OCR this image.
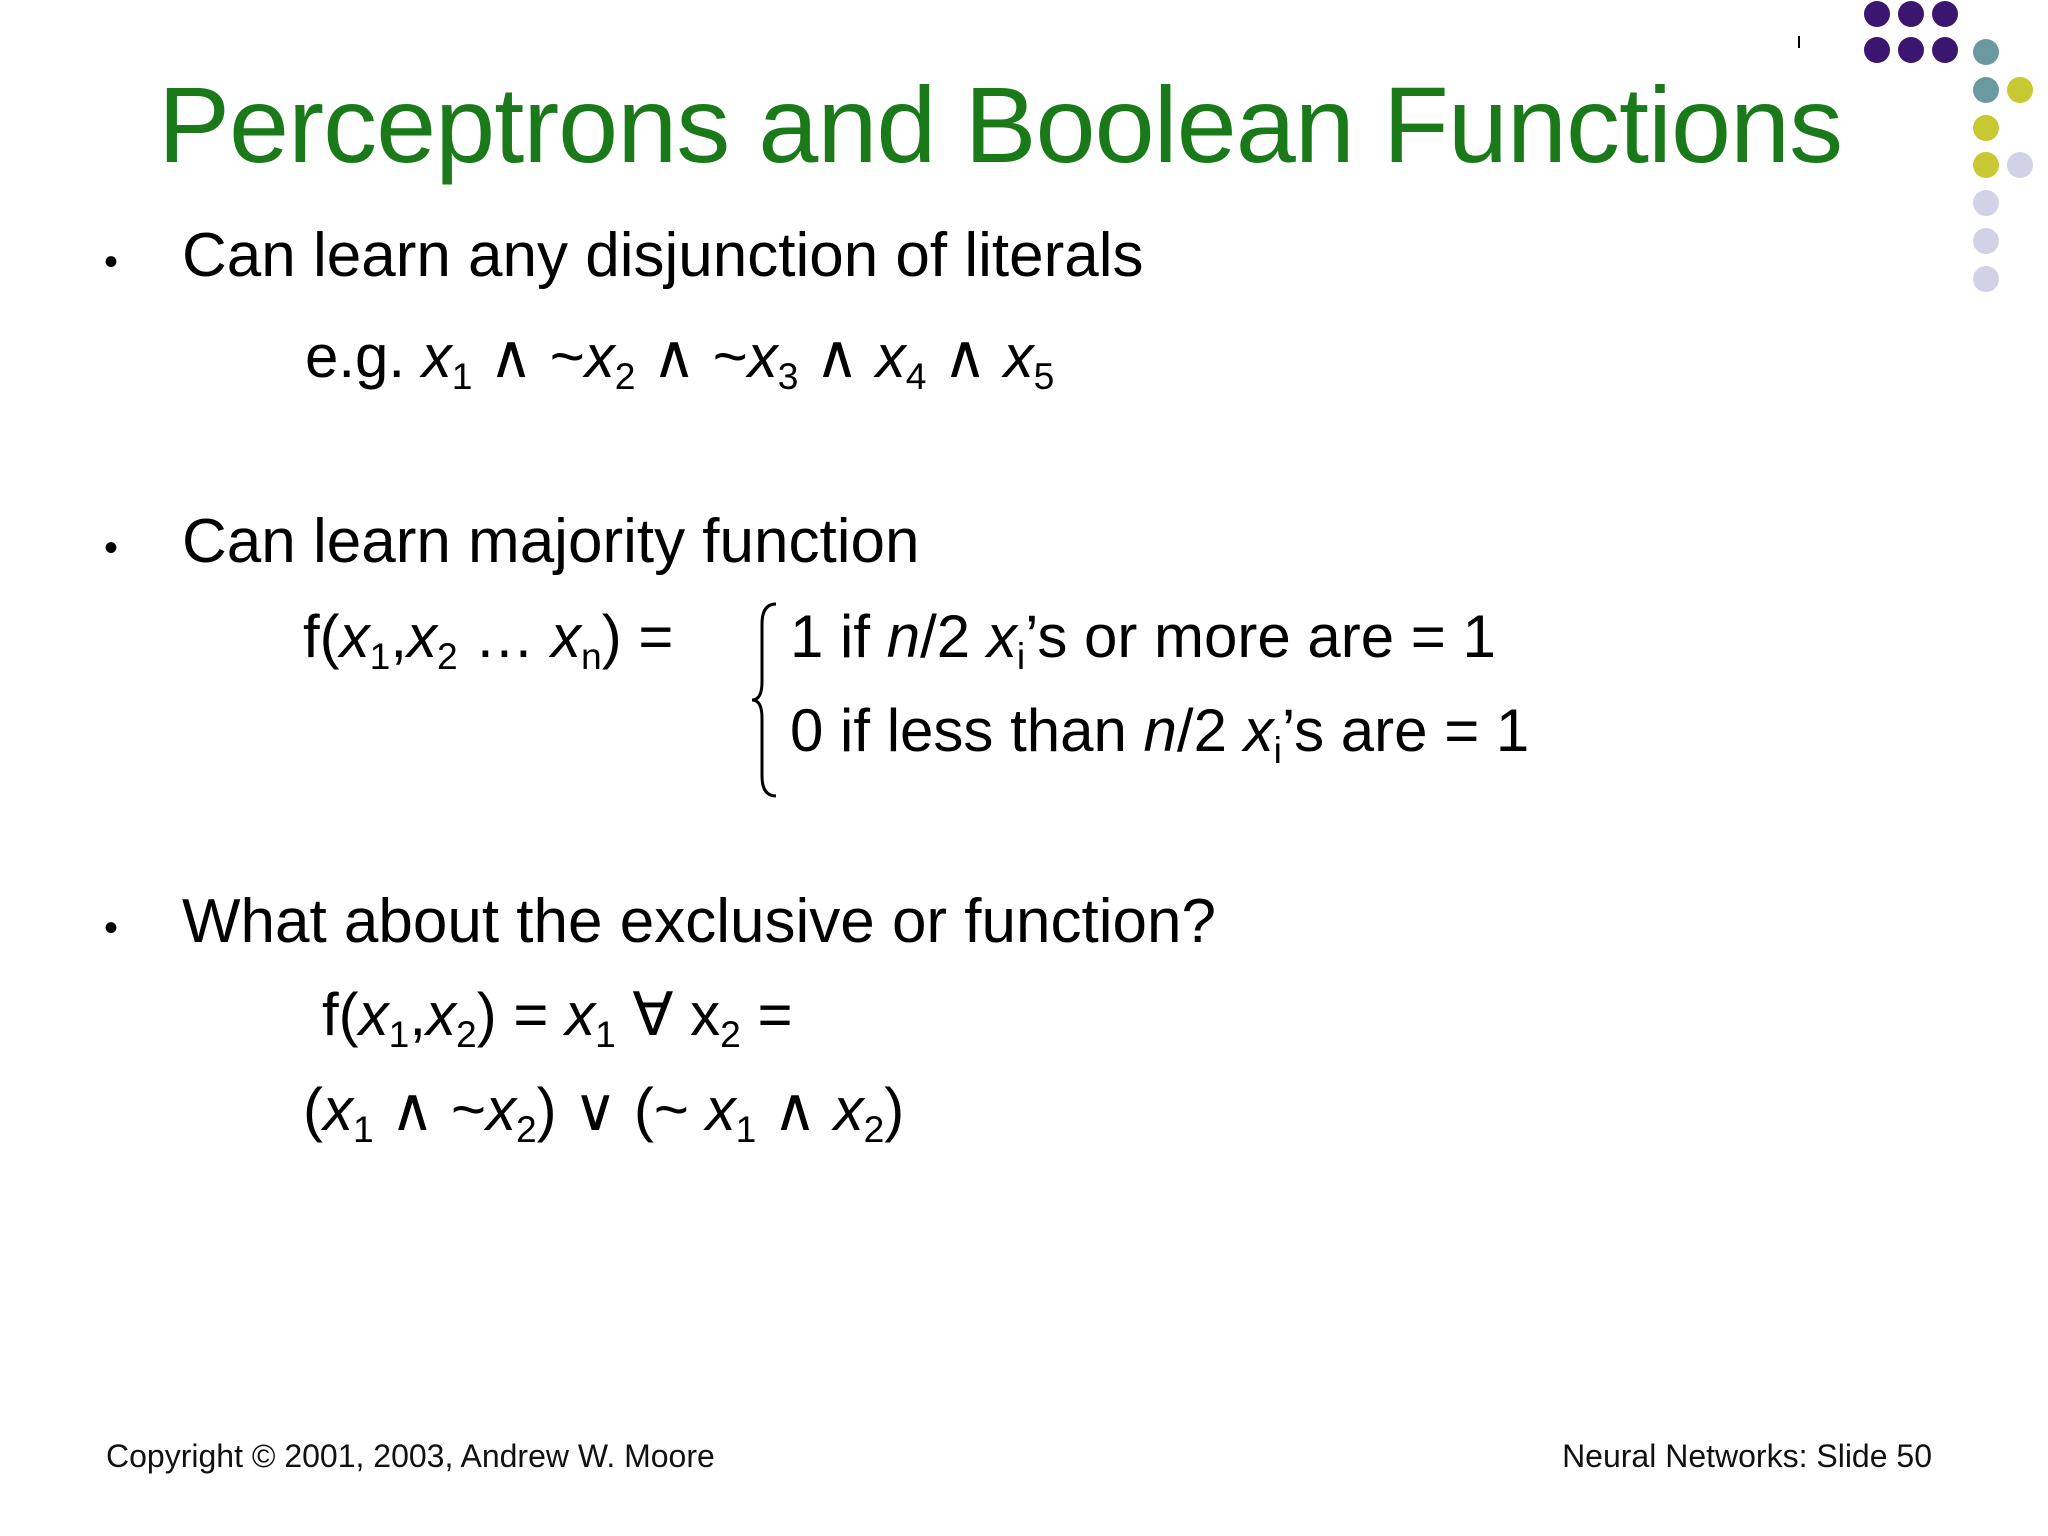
Perceptrons and Boolean Functions
• Can learn any disjunction of literals
e.g. $x_1$ ∧ $\sim x_2$ ∧ $\sim x_3$ ∧ $x_4$ ∧ $x_5$
• Can learn majority function
$f(x_1,x_2$ … $x_n) = 1$ if n/2 $x_i’s$ or more are = 1
0 if less than n/2 $x_i’s$ are = 1
• What about the exclusive or function?
$f(x_1,x_2) = x_1$ ∀ $x_2$ =
($x_1$ ∧ $\sim x_2$) ∨ (~ $x_1$ ∧ $x_2$)
Copyright © 2001, 2003, Andrew W. Moore	Neural Networks: Slide 50
